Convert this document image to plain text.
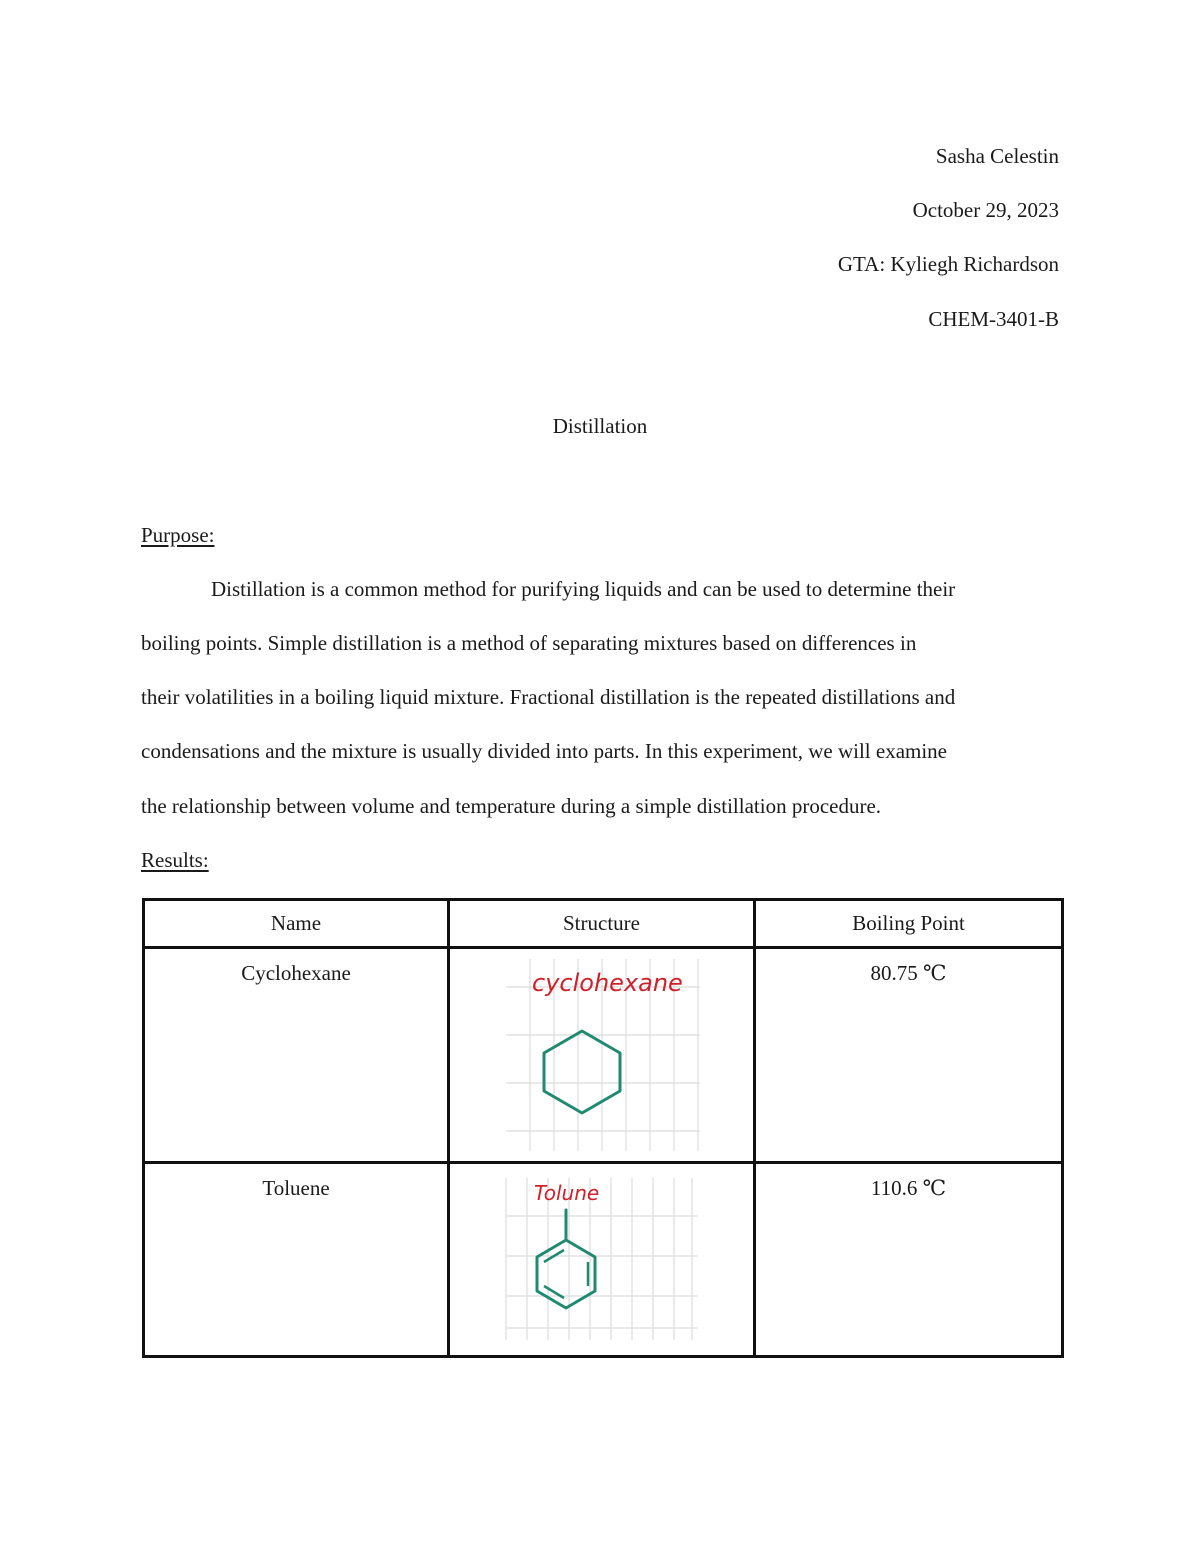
Sasha Celestin
October 29, 2023
GTA: Kyliegh Richardson
CHEM-3401-B
Distillation
Purpose:
Distillation is a common method for purifying liquids and can be used to determine their
boiling points. Simple distillation is a method of separating mixtures based on differences in
their volatilities in a boiling liquid mixture. Fractional distillation is the repeated distillations and
condensations and the mixture is usually divided into parts. In this experiment, we will examine
the relationship between volume and temperature during a simple distillation procedure.
Results:
Name	Structure	Boiling Point

Cyclohexane	cyclohexane	80.75 ℃

Toluene	Tolune	110.6 ℃
